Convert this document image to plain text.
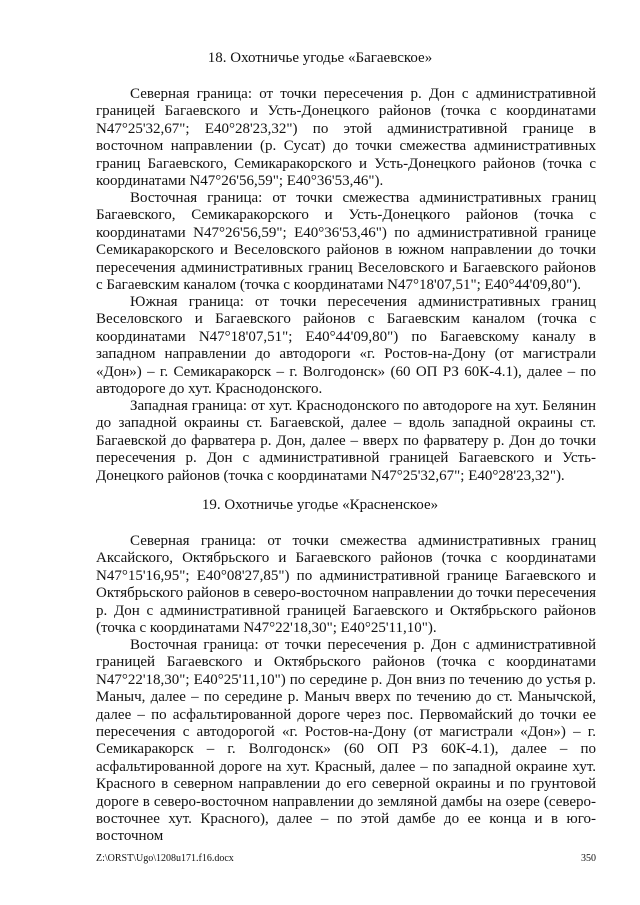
18. Охотничье угодье «Багаевское»

Северная граница: от точки пересечения р. Дон с административной границей Багаевского и Усть-Донецкого районов (точка с координатами N47°25'32,67"; E40°28'23,32") по этой административной границе в восточном направлении (р. Сусат) до точки смежества административных границ Багаевского, Семикаракорского и Усть-Донецкого районов (точка с координатами N47°26'56,59"; E40°36'53,46").

Восточная граница: от точки смежества административных границ Багаевского, Семикаракорского и Усть-Донецкого районов (точка с координатами N47°26'56,59"; E40°36'53,46") по административной границе Семикаракорского и Веселовского районов в южном направлении до точки пересечения административных границ Веселовского и Багаевского районов с Багаевским каналом (точка с координатами N47°18'07,51"; E40°44'09,80").

Южная граница: от точки пересечения административных границ Веселовского и Багаевского районов с Багаевским каналом (точка с координатами N47°18'07,51"; E40°44'09,80") по Багаевскому каналу в западном направлении до автодороги «г. Ростов-на-Дону (от магистрали «Дон») – г. Семикаракорск – г. Волгодонск» (60 ОП РЗ 60К-4.1), далее – по автодороге до хут. Краснодонского.

Западная граница: от хут. Краснодонского по автодороге на хут. Белянин до западной окраины ст. Багаевской, далее – вдоль западной окраины ст. Багаевской до фарватера р. Дон, далее – вверх по фарватеру р. Дон до точки пересечения р. Дон с административной границей Багаевского и Усть-Донецкого районов (точка с координатами N47°25'32,67"; E40°28'23,32").

19. Охотничье угодье «Красненское»

Северная граница: от точки смежества административных границ Аксайского, Октябрьского и Багаевского районов (точка с координатами N47°15'16,95"; E40°08'27,85") по административной границе Багаевского и Октябрьского районов в северо-восточном направлении до точки пересечения р. Дон с административной границей Багаевского и Октябрьского районов (точка с координатами N47°22'18,30"; E40°25'11,10").

Восточная граница: от точки пересечения р. Дон с административной границей Багаевского и Октябрьского районов (точка с координатами N47°22'18,30"; E40°25'11,10") по середине р. Дон вниз по течению до устья р. Маныч, далее – по середине р. Маныч вверх по течению до ст. Манычской, далее – по асфальтированной дороге через пос. Первомайский до точки ее пересечения с автодорогой «г. Ростов-на-Дону (от магистрали «Дон») – г. Семикаракорск – г. Волгодонск» (60 ОП РЗ 60К-4.1), далее – по асфальтированной дороге на хут. Красный, далее – по западной окраине хут. Красного в северном направлении до его северной окраины и по грунтовой дороге в северо-восточном направлении до земляной дамбы на озере (северо-восточнее хут. Красного), далее – по этой дамбе до ее конца и в юго-восточном

Z:\ORST\Ugo\1208u171.f16.docx	350
